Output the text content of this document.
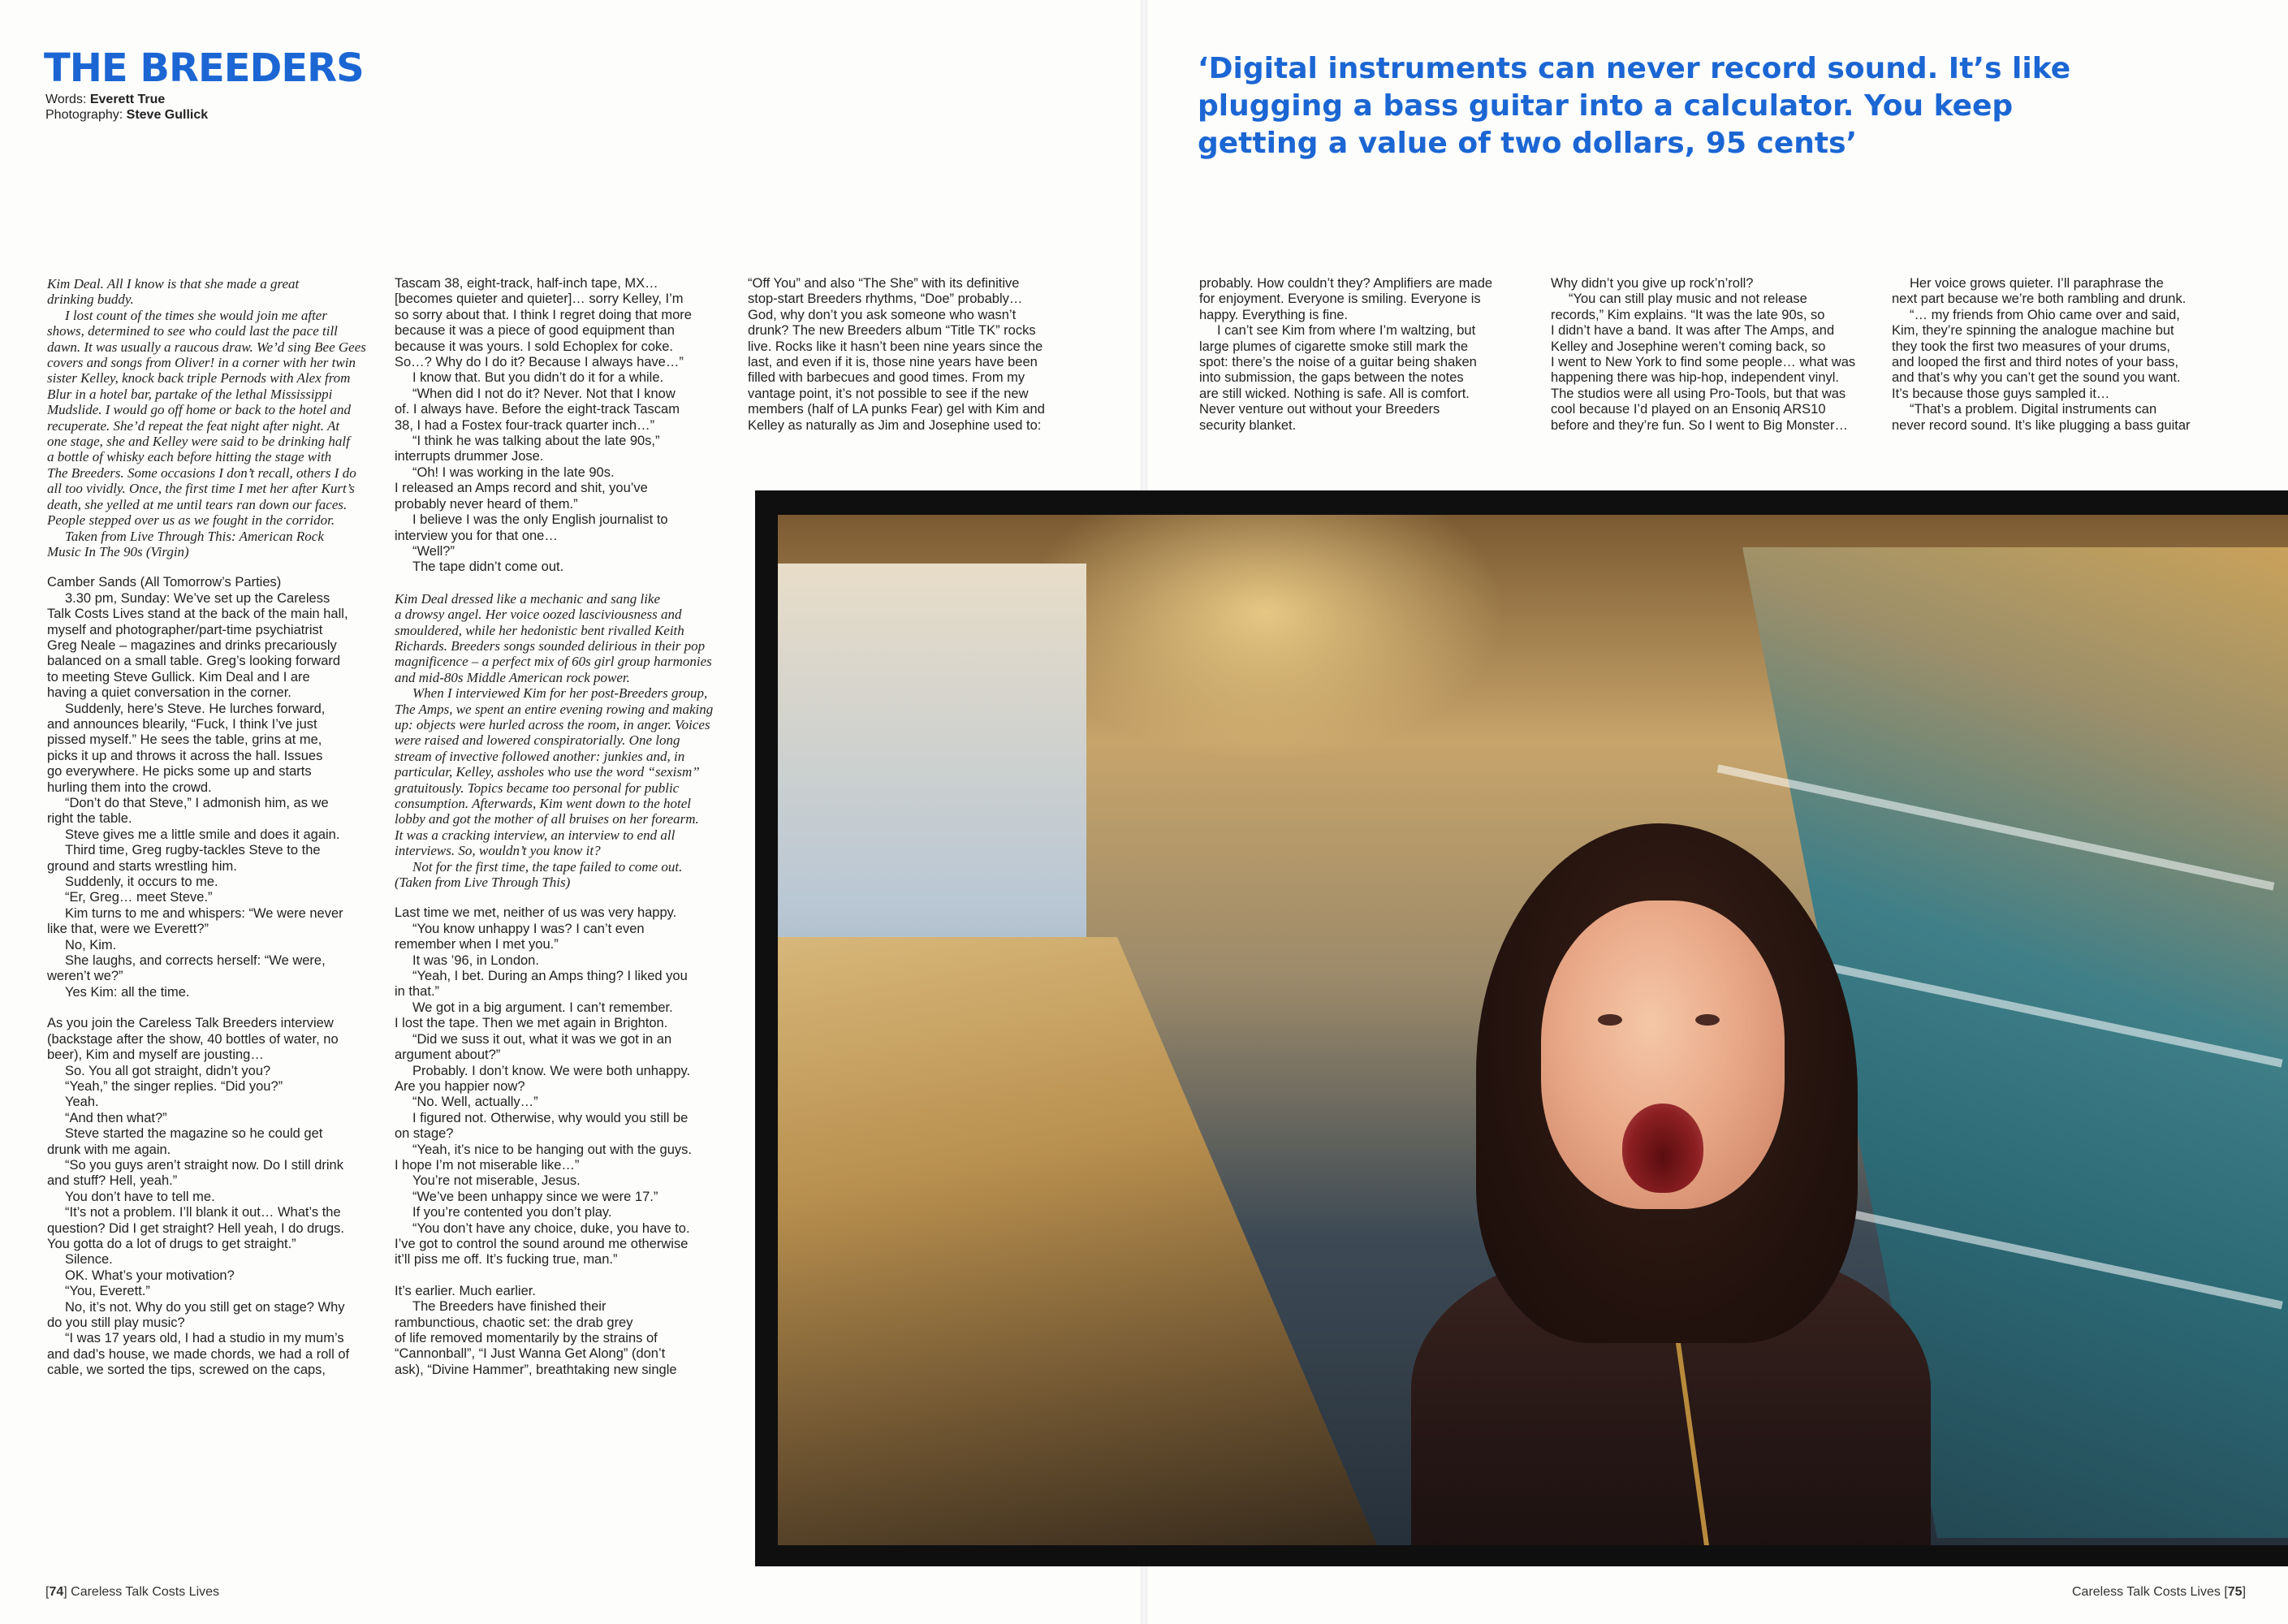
THE BREEDERS
Words: Everett True
Photography: Steve Gullick

‘Digital instruments can never record sound. It’s like plugging a bass guitar into a calculator. You keep getting a value of two dollars, 95 cents’

Kim Deal. All I know is that she made a great

drinking buddy.

I lost count of the times she would join me after

shows, determined to see who could last the pace till

dawn. It was usually a raucous draw. We’d sing Bee Gees

covers and songs from Oliver! in a corner with her twin

sister Kelley, knock back triple Pernods with Alex from

Blur in a hotel bar, partake of the lethal Mississippi

Mudslide. I would go off home or back to the hotel and

recuperate. She’d repeat the feat night after night. At

one stage, she and Kelley were said to be drinking half

a bottle of whisky each before hitting the stage with

The Breeders. Some occasions I don’t recall, others I do

all too vividly. Once, the first time I met her after Kurt’s

death, she yelled at me until tears ran down our faces.

People stepped over us as we fought in the corridor.

Taken from Live Through This: American Rock

Music In The 90s (Virgin)

Camber Sands (All Tomorrow’s Parties)

3.30 pm, Sunday: We’ve set up the Careless

Talk Costs Lives stand at the back of the main hall,

myself and photographer/part-time psychiatrist

Greg Neale – magazines and drinks precariously

balanced on a small table. Greg’s looking forward

to meeting Steve Gullick. Kim Deal and I are

having a quiet conversation in the corner.

Suddenly, here’s Steve. He lurches forward,

and announces blearily, “Fuck, I think I’ve just

pissed myself.” He sees the table, grins at me,

picks it up and throws it across the hall. Issues

go everywhere. He picks some up and starts

hurling them into the crowd.

“Don’t do that Steve,” I admonish him, as we

right the table.

Steve gives me a little smile and does it again.

Third time, Greg rugby-tackles Steve to the

ground and starts wrestling him.

Suddenly, it occurs to me.

“Er, Greg… meet Steve.”

Kim turns to me and whispers: “We were never

like that, were we Everett?”

No, Kim.

She laughs, and corrects herself: “We were,

weren’t we?”

Yes Kim: all the time.

As you join the Careless Talk Breeders interview

(backstage after the show, 40 bottles of water, no

beer), Kim and myself are jousting…

So. You all got straight, didn’t you?

“Yeah,” the singer replies. “Did you?”

Yeah.

“And then what?”

Steve started the magazine so he could get

drunk with me again.

“So you guys aren’t straight now. Do I still drink

and stuff? Hell, yeah.”

You don’t have to tell me.

“It’s not a problem. I’ll blank it out… What’s the

question? Did I get straight? Hell yeah, I do drugs.

You gotta do a lot of drugs to get straight.”

Silence.

OK. What’s your motivation?

“You, Everett.”

No, it’s not. Why do you still get on stage? Why

do you still play music?

“I was 17 years old, I had a studio in my mum’s

and dad’s house, we made chords, we had a roll of

cable, we sorted the tips, screwed on the caps,

Tascam 38, eight-track, half-inch tape, MX…

[becomes quieter and quieter]… sorry Kelley, I’m

so sorry about that. I think I regret doing that more

because it was a piece of good equipment than

because it was yours. I sold Echoplex for coke.

So…? Why do I do it? Because I always have…”

I know that. But you didn’t do it for a while.

“When did I not do it? Never. Not that I know

of. I always have. Before the eight-track Tascam

38, I had a Fostex four-track quarter inch…”

“I think he was talking about the late 90s,”

interrupts drummer Jose.

“Oh! I was working in the late 90s.

I released an Amps record and shit, you’ve

probably never heard of them.”

I believe I was the only English journalist to

interview you for that one…

“Well?”

The tape didn’t come out.

Kim Deal dressed like a mechanic and sang like

a drowsy angel. Her voice oozed lasciviousness and

smouldered, while her hedonistic bent rivalled Keith

Richards. Breeders songs sounded delirious in their pop

magnificence – a perfect mix of 60s girl group harmonies

and mid-80s Middle American rock power.

When I interviewed Kim for her post-Breeders group,

The Amps, we spent an entire evening rowing and making

up: objects were hurled across the room, in anger. Voices

were raised and lowered conspiratorially. One long

stream of invective followed another: junkies and, in

particular, Kelley, assholes who use the word “sexism”

gratuitously. Topics became too personal for public

consumption. Afterwards, Kim went down to the hotel

lobby and got the mother of all bruises on her forearm.

It was a cracking interview, an interview to end all

interviews. So, wouldn’t you know it?

Not for the first time, the tape failed to come out.

(Taken from Live Through This)

Last time we met, neither of us was very happy.

“You know unhappy I was? I can’t even

remember when I met you.”

It was ’96, in London.

“Yeah, I bet. During an Amps thing? I liked you

in that.”

We got in a big argument. I can’t remember.

I lost the tape. Then we met again in Brighton.

“Did we suss it out, what it was we got in an

argument about?”

Probably. I don’t know. We were both unhappy.

Are you happier now?

“No. Well, actually…”

I figured not. Otherwise, why would you still be

on stage?

“Yeah, it’s nice to be hanging out with the guys.

I hope I’m not miserable like…”

You’re not miserable, Jesus.

“We’ve been unhappy since we were 17.”

If you’re contented you don’t play.

“You don’t have any choice, duke, you have to.

I’ve got to control the sound around me otherwise

it’ll piss me off. It’s fucking true, man.”

It’s earlier. Much earlier.

The Breeders have finished their

rambunctious, chaotic set: the drab grey

of life removed momentarily by the strains of

“Cannonball”, “I Just Wanna Get Along” (don’t

ask), “Divine Hammer”, breathtaking new single

“Off You” and also “The She” with its definitive

stop-start Breeders rhythms, “Doe” probably…

God, why don’t you ask someone who wasn’t

drunk? The new Breeders album “Title TK” rocks

live. Rocks like it hasn’t been nine years since the

last, and even if it is, those nine years have been

filled with barbecues and good times. From my

vantage point, it’s not possible to see if the new

members (half of LA punks Fear) gel with Kim and

Kelley as naturally as Jim and Josephine used to:

probably. How couldn’t they? Amplifiers are made

for enjoyment. Everyone is smiling. Everyone is

happy. Everything is fine.

I can’t see Kim from where I’m waltzing, but

large plumes of cigarette smoke still mark the

spot: there’s the noise of a guitar being shaken

into submission, the gaps between the notes

are still wicked. Nothing is safe. All is comfort.

Never venture out without your Breeders

security blanket.

Why didn’t you give up rock’n’roll?

“You can still play music and not release

records,” Kim explains. “It was the late 90s, so

I didn’t have a band. It was after The Amps, and

Kelley and Josephine weren’t coming back, so

I went to New York to find some people… what was

happening there was hip-hop, independent vinyl.

The studios were all using Pro-Tools, but that was

cool because I’d played on an Ensoniq ARS10

before and they’re fun. So I went to Big Monster…

Her voice grows quieter. I’ll paraphrase the

next part because we’re both rambling and drunk.

“… my friends from Ohio came over and said,

Kim, they’re spinning the analogue machine but

they took the first two measures of your drums,

and looped the first and third notes of your bass,

and that’s why you can’t get the sound you want.

It’s because those guys sampled it…

“That’s a problem. Digital instruments can

never record sound. It’s like plugging a bass guitar

[74] Careless Talk Costs Lives	Careless Talk Costs Lives [75]
